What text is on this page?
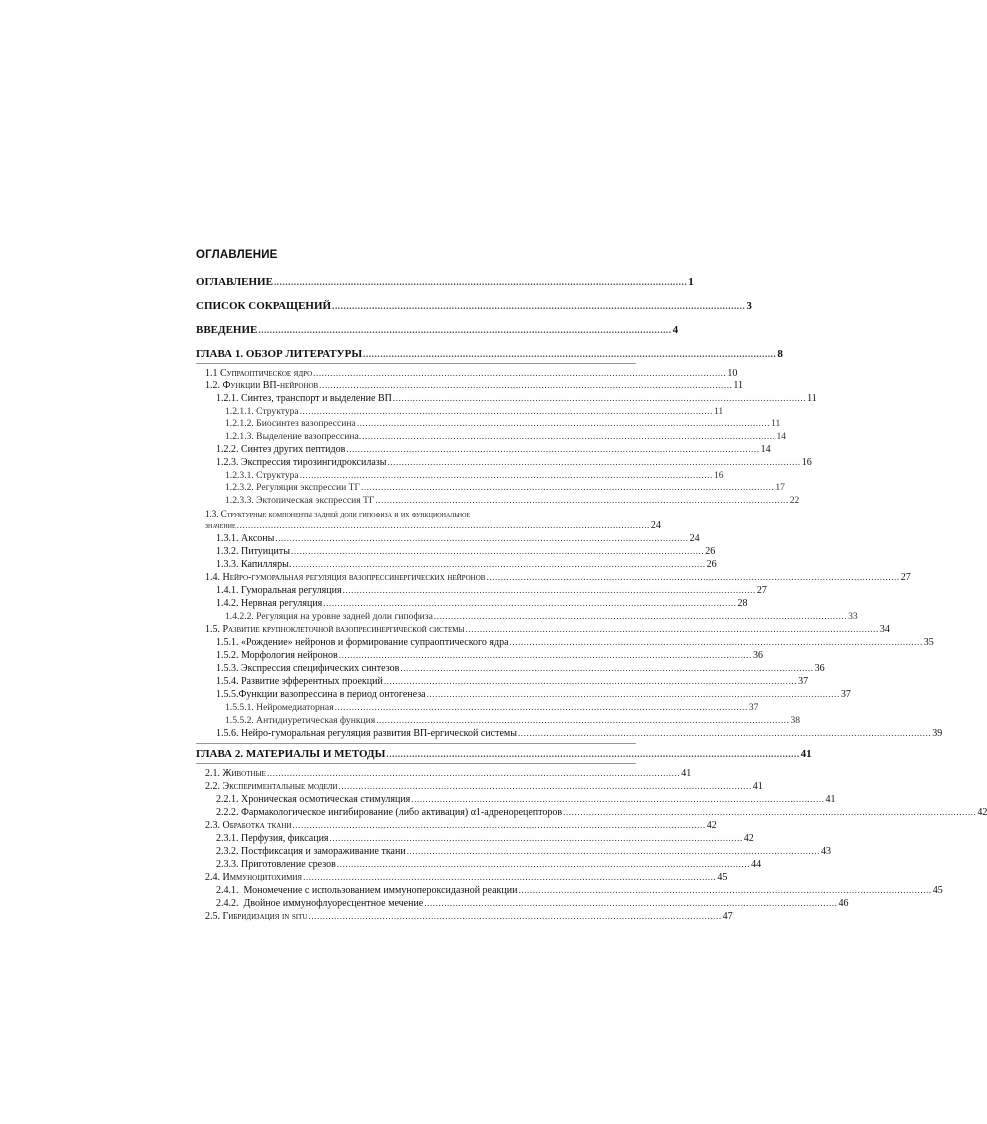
ОГЛАВЛЕНИЕ
ОГЛАВЛЕНИЕ ................................................................................................................................................. 1
СПИСОК СОКРАЩЕНИЙ ................................................................................................................................................. 3
ВВЕДЕНИЕ ................................................................................................................................................. 4
ГЛАВА 1. ОБЗОР ЛИТЕРАТУРЫ ................................................................................................................................................. 8
1.1 Супраоптическое ядро ................................................................................................................................................. 10
1.2. Функции ВП-нейронов ................................................................................................................................................. 11
1.2.1. Синтез, транспорт и выделение ВП ................................................................................................................................................. 11
1.2.1.1. Структура ................................................................................................................................................. 11
1.2.1.2. Биосинтез вазопрессина ................................................................................................................................................. 11
1.2.1.3. Выделение вазопрессина. ................................................................................................................................................. 14
1.2.2. Синтез других пептидов ................................................................................................................................................. 14
1.2.3. Экспрессия тирозингидроксилазы ................................................................................................................................................. 16
1.2.3.1. Структура ................................................................................................................................................. 16
1.2.3.2. Регуляция экспрессии ТГ ................................................................................................................................................. 17
1.2.3.3. Эктопическая экспрессия ТГ ................................................................................................................................................. 22
1.3. Структурные компоненты задней доли гипофиза и их функциональное
значение ................................................................................................................................................. 24
1.3.1. Аксоны ................................................................................................................................................. 24
1.3.2. Питуициты ................................................................................................................................................. 26
1.3.3. Капилляры. ................................................................................................................................................. 26
1.4. Нейро-гуморальная регуляция вазопрессинергических нейронов ................................................................................................................................................. 27
1.4.1. Гуморальная регуляция ................................................................................................................................................. 27
1.4.2. Нервная регуляция ................................................................................................................................................. 28
1.4.2.2. Регуляция на уровне задней доли гипофиза ................................................................................................................................................. 33
1.5. Развитие крупноклеточной вазопресинергической системы ................................................................................................................................................. 34
1.5.1. «Рождение» нейронов и формирование супраоптического ядра ................................................................................................................................................. 35
1.5.2. Морфология нейронов ................................................................................................................................................. 36
1.5.3. Экспрессия специфических синтезов ................................................................................................................................................. 36
1.5.4. Развитие эфферентных проекций ................................................................................................................................................. 37
1.5.5.Функции вазопрессина в период онтогенеза ................................................................................................................................................. 37
1.5.5.1. Нейромедиаторная ................................................................................................................................................. 37
1.5.5.2. Антидиуретическая функция ................................................................................................................................................. 38
1.5.6. Нейро-гуморальная регуляция развития ВП-ергической системы ................................................................................................................................................. 39
ГЛАВА 2. МАТЕРИАЛЫ И МЕТОДЫ ................................................................................................................................................. 41
2.1. Животные ................................................................................................................................................. 41
2.2. Экспериментальные модели ................................................................................................................................................. 41
2.2.1. Хроническая осмотическая стимуляция ................................................................................................................................................. 41
2.2.2. Фармакологическое ингибирование (либо активация) α1-адренорецепторов ................................................................................................................................................. 42
2.3. Обработка ткани ................................................................................................................................................. 42
2.3.1. Перфузия, фиксация ................................................................................................................................................. 42
2.3.2. Постфиксация и замораживание ткани ................................................................................................................................................. 43
2.3.3. Приготовление срезов ................................................................................................................................................. 44
2.4. Иммуноцитохимия ................................................................................................................................................. 45
2.4.1.  Мономечение с использованием иммунопероксидазной реакции ................................................................................................................................................. 45
2.4.2.  Двойное иммунофлуоресцентное мечение ................................................................................................................................................. 46
2.5. Гибридизация in situ ................................................................................................................................................. 47
